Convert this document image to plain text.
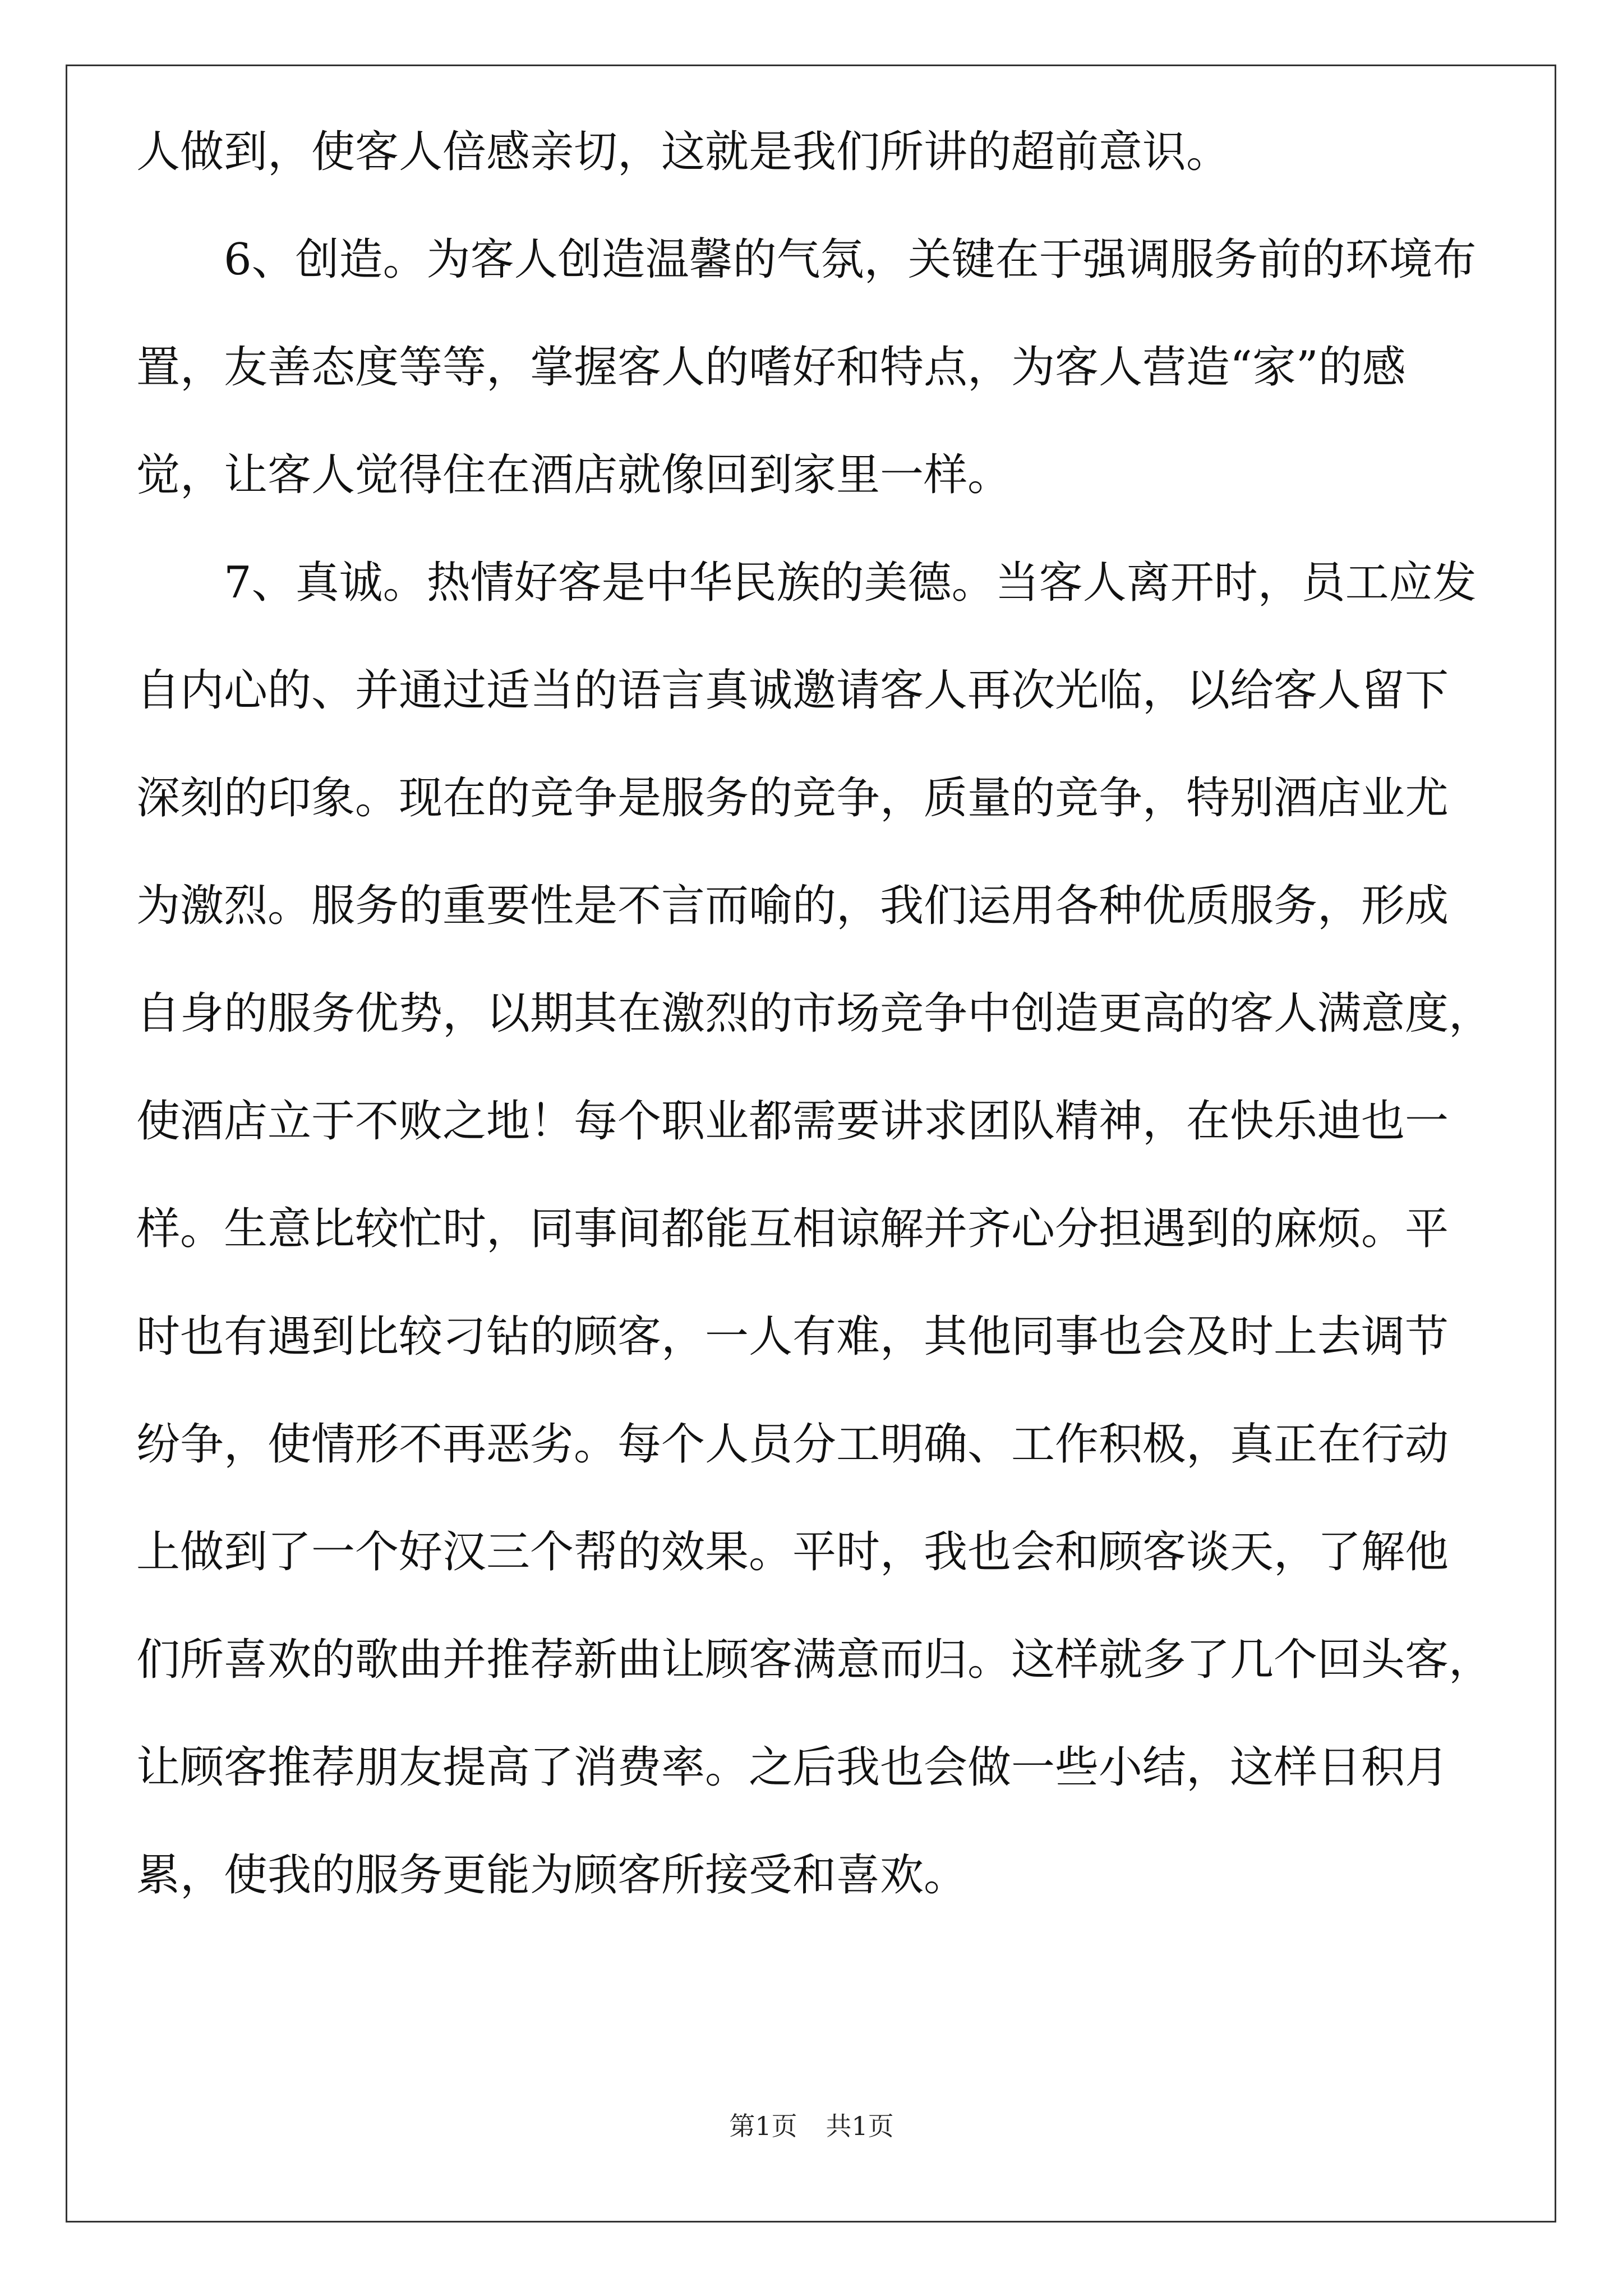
人做到，使客人倍感亲切，这就是我们所讲的超前意识。

6、创造。为客人创造温馨的气氛，关键在于强调服务前的环境布
置，友善态度等等，掌握客人的嗜好和特点，为客人营造“家”的感
觉，让客人觉得住在酒店就像回到家里一样。

7、真诚。热情好客是中华民族的美德。当客人离开时，员工应发
自内心的、并通过适当的语言真诚邀请客人再次光临，以给客人留下
深刻的印象。现在的竞争是服务的竞争，质量的竞争，特别酒店业尤
为激烈。服务的重要性是不言而喻的，我们运用各种优质服务，形成
自身的服务优势，以期其在激烈的市场竞争中创造更高的客人满意度，
使酒店立于不败之地！每个职业都需要讲求团队精神，在快乐迪也一
样。生意比较忙时，同事间都能互相谅解并齐心分担遇到的麻烦。平
时也有遇到比较刁钻的顾客，一人有难，其他同事也会及时上去调节
纷争，使情形不再恶劣。每个人员分工明确、工作积极，真正在行动
上做到了一个好汉三个帮的效果。平时，我也会和顾客谈天，了解他
们所喜欢的歌曲并推荐新曲让顾客满意而归。这样就多了几个回头客，
让顾客推荐朋友提高了消费率。之后我也会做一些小结，这样日积月
累，使我的服务更能为顾客所接受和喜欢。

第1页 共1页
